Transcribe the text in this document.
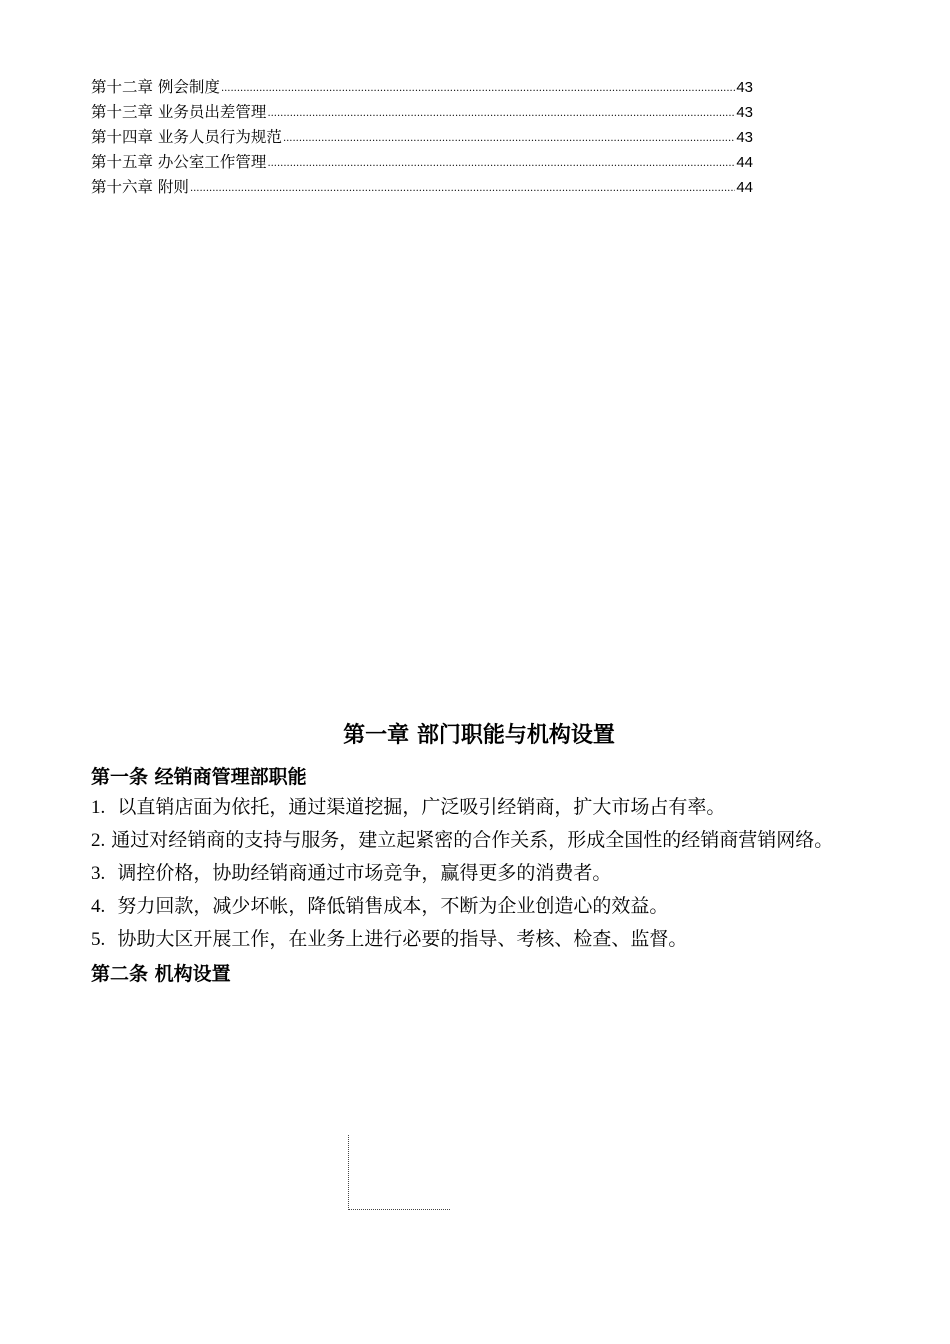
第十二章 例会制度 .....	43
第十三章 业务员出差管理 .....	43
第十四章 业务人员行为规范 .....	43
第十五章 办公室工作管理 .....	44
第十六章 附则 .....	44
第一章 部门职能与机构设置
第一条 经销商管理部职能
1. 以直销店面为依托，通过渠道挖掘，广泛吸引经销商，扩大市场占有率。
2. 通过对经销商的支持与服务，建立起紧密的合作关系，形成全国性的经销商营销网络。
3. 调控价格，协助经销商通过市场竞争，赢得更多的消费者。
4. 努力回款，减少坏帐，降低销售成本，不断为企业创造心的效益。
5. 协助大区开展工作，在业务上进行必要的指导、考核、检查、监督。
第二条 机构设置
